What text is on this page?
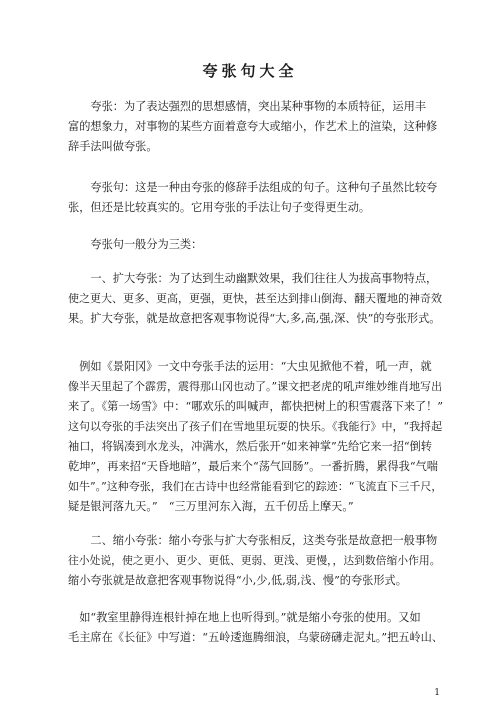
夸张句大全
　　夸张：为了表达强烈的思想感情，突出某种事物的本质特征，运用丰
富的想象力，对事物的某些方面着意夸大或缩小，作艺术上的渲染，这种修
辞手法叫做夸张。
　　夸张句：这是一种由夸张的修辞手法组成的句子。这种句子虽然比较夸
张，但还是比较真实的。它用夸张的手法让句子变得更生动。
　　夸张句一般分为三类：
　　一、扩大夸张：为了达到生动幽默效果，我们往往人为拔高事物特点，
使之更大、更多、更高，更强，更快，甚至达到排山倒海、翻天覆地的神奇效
果。扩大夸张，就是故意把客观事物说得“大,多,高,强,深、快”的夸张形式。
　例如《景阳冈》一文中夸张手法的运用：“大虫见掀他不着，吼一声，就
像半天里起了个霹雳，震得那山冈也动了。”课文把老虎的吼声维妙维肖地写出
来了。《第一场雪》中：“哪欢乐的叫喊声，都快把树上的积雪震落下来了！”
这句以夸张的手法突出了孩子们在雪地里玩耍的快乐。《我能行》中，“我捋起
袖口，将锅凑到水龙头，冲满水，然后张开“如来神掌”先给它来一招“倒转
乾坤”，再来招“天昏地暗”，最后来个“荡气回肠”。一番折腾，累得我“气喘
如牛”。”这种夸张，我们在古诗中也经常能看到它的踪迹：“飞流直下三千尺，
疑是银河落九天。”　“三万里河东入海，五千仞岳上摩天。”
　　二、缩小夸张：缩小夸张与扩大夸张相反，这类夸张是故意把一般事物
往小处说，使之更小、更少、更低、更弱、更浅、更慢，，达到数倍缩小作用。
缩小夸张就是故意把客观事物说得“小,少,低,弱,浅、慢”的夸张形式。
　如“教室里静得连根针掉在地上也听得到。”就是缩小夸张的使用。又如
毛主席在《长征》中写道：“五岭逶迤腾细浪，乌蒙磅礴走泥丸。”把五岭山、
1
